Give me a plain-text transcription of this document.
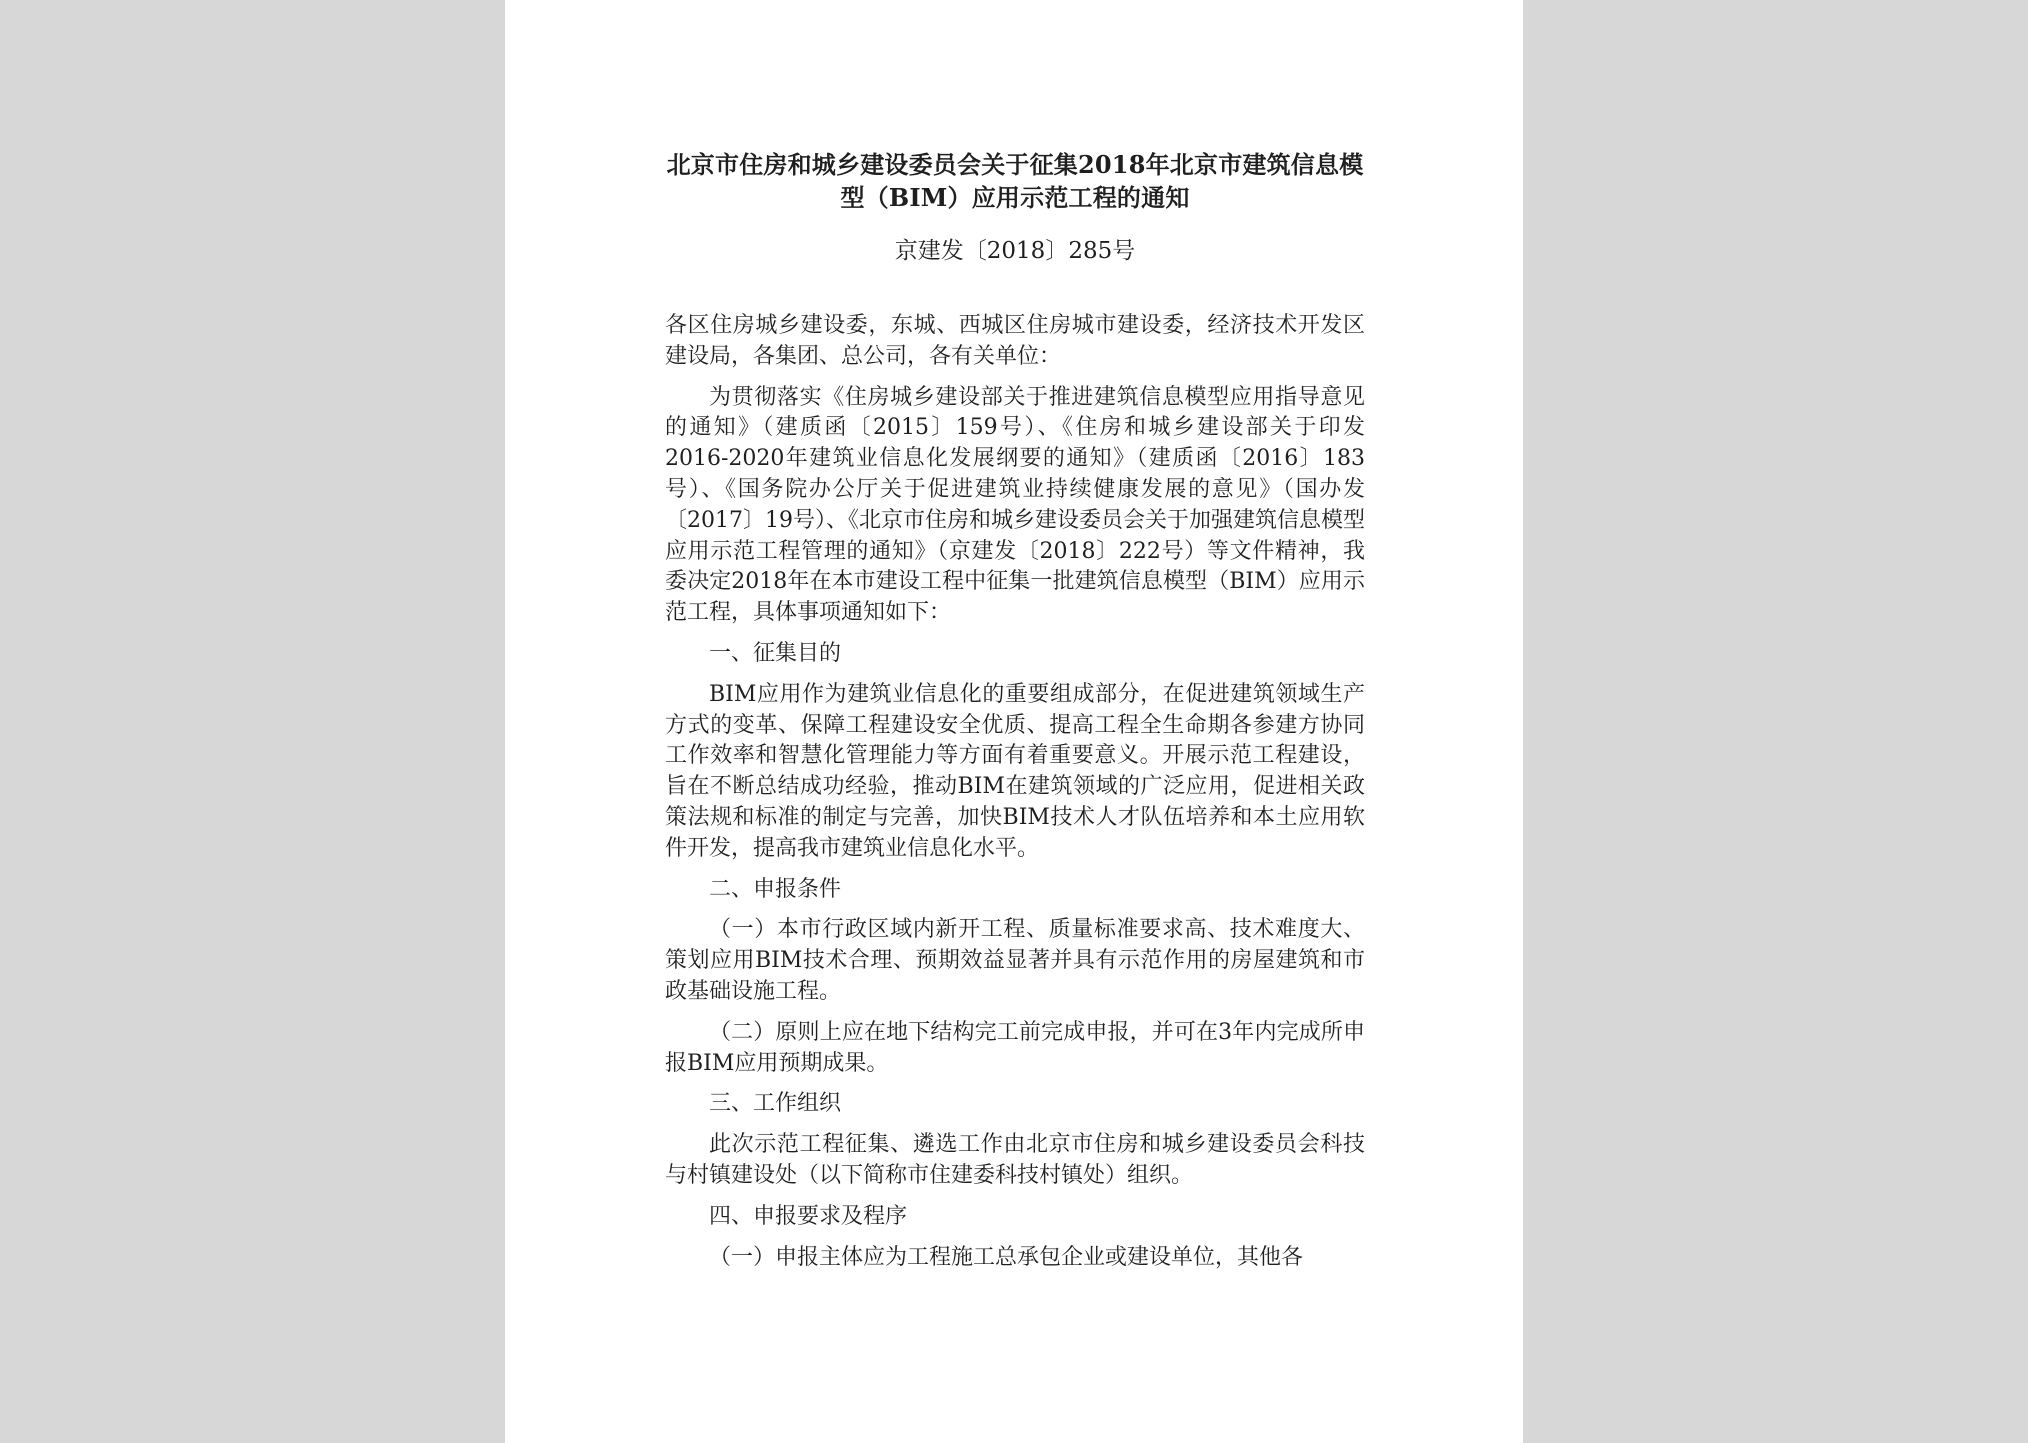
北京市住房和城乡建设委员会关于征集2018年北京市建筑信息模型（BIM）应用示范工程的通知
京建发〔2018〕285号

各区住房城乡建设委，东城、西城区住房城市建设委，经济技术开发区建设局，各集团、总公司，各有关单位：

为贯彻落实《住房城乡建设部关于推进建筑信息模型应用指导意见的通知》（建质函〔2015〕159号）、《住房和城乡建设部关于印发2016-2020年建筑业信息化发展纲要的通知》（建质函〔2016〕183号）、《国务院办公厅关于促进建筑业持续健康发展的意见》（国办发〔2017〕19号）、《北京市住房和城乡建设委员会关于加强建筑信息模型应用示范工程管理的通知》（京建发〔2018〕222号）等文件精神，我委决定2018年在本市建设工程中征集一批建筑信息模型（BIM）应用示范工程，具体事项通知如下：

一、征集目的

BIM应用作为建筑业信息化的重要组成部分，在促进建筑领域生产方式的变革、保障工程建设安全优质、提高工程全生命期各参建方协同工作效率和智慧化管理能力等方面有着重要意义。开展示范工程建设，旨在不断总结成功经验，推动BIM在建筑领域的广泛应用，促进相关政策法规和标准的制定与完善，加快BIM技术人才队伍培养和本土应用软件开发，提高我市建筑业信息化水平。

二、申报条件

（一）本市行政区域内新开工程、质量标准要求高、技术难度大、策划应用BIM技术合理、预期效益显著并具有示范作用的房屋建筑和市政基础设施工程。

（二）原则上应在地下结构完工前完成申报，并可在3年内完成所申报BIM应用预期成果。

三、工作组织

此次示范工程征集、遴选工作由北京市住房和城乡建设委员会科技与村镇建设处（以下简称市住建委科技村镇处）组织。

四、申报要求及程序

（一）申报主体应为工程施工总承包企业或建设单位，其他各
